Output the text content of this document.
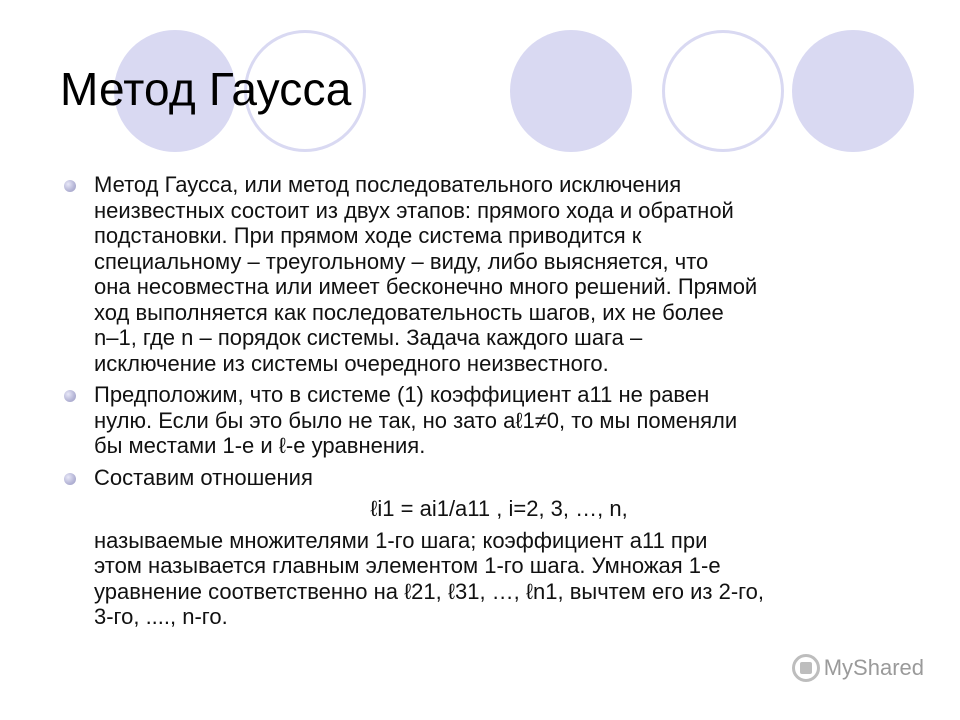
Метод Гаусса

Метод Гаусса, или метод последовательного исключения

неизвестных состоит из двух этапов: прямого хода и обратной

подстановки. При прямом ходе система приводится к

специальному – треугольному – виду, либо выясняется, что

она несовместна или имеет бесконечно много решений. Прямой

ход выполняется как последовательность шагов, их не более

n–1, где n – порядок системы. Задача каждого шага –

исключение из системы очередного неизвестного.

Предположим, что в системе (1) коэффициент a11 не равен

нулю. Если бы это было не так, но зато aℓ1≠0, то мы поменяли

бы местами 1-е и ℓ-е уравнения.

Составим отношения
ℓi1 = ai1/a11 , i=2, 3, …, n,

называемые множителями 1-го шага; коэффициент a11 при

этом называется главным элементом 1-го шага. Умножая 1-е

уравнение соответственно на ℓ21, ℓ31, …, ℓn1, вычтем его из 2-го,

3-го, ...., n-го.

MyShared
